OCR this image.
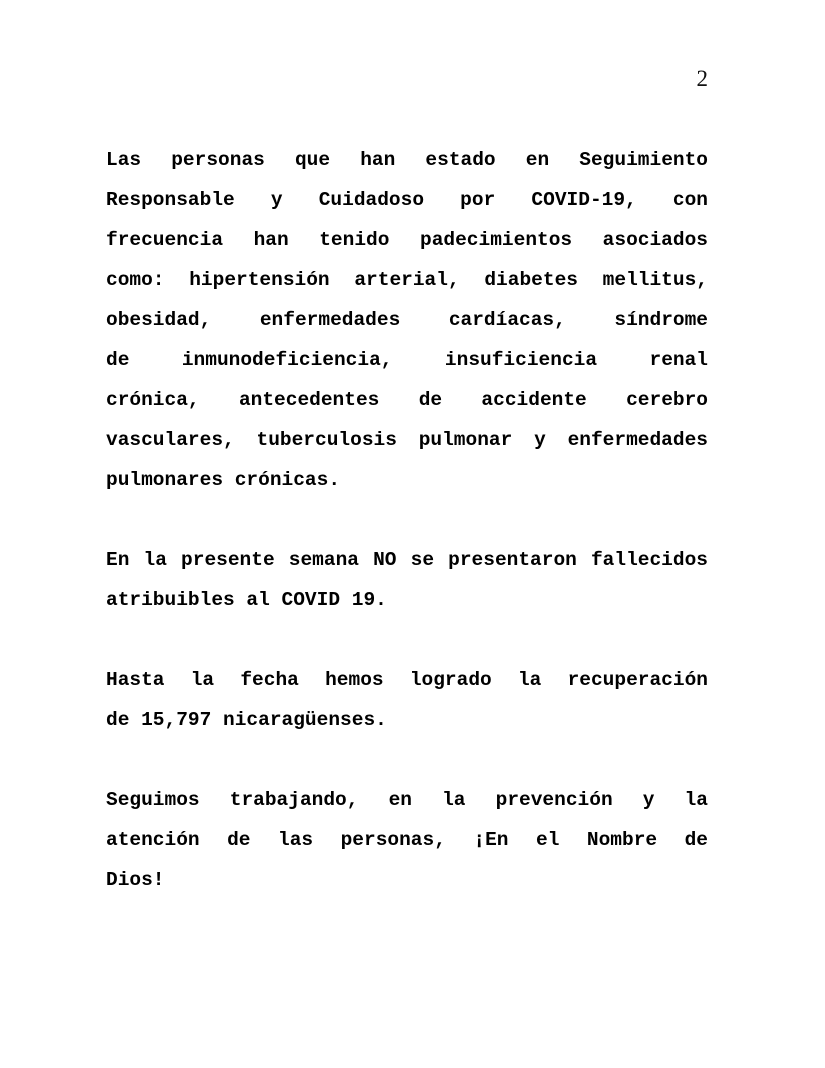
2
Las personas que han estado en Seguimiento
Responsable y Cuidadoso por COVID-19, con
frecuencia han tenido padecimientos asociados
como: hipertensión arterial, diabetes mellitus,
obesidad, enfermedades cardíacas, síndrome
de inmunodeficiencia, insuficiencia renal
crónica, antecedentes de accidente cerebro
vasculares, tuberculosis pulmonar y enfermedades
pulmonares crónicas.
En la presente semana NO se presentaron fallecidos
atribuibles al COVID 19.
Hasta la fecha hemos logrado la recuperación
de 15,797 nicaragüenses.
Seguimos trabajando, en la prevención y la
atención de las personas, ¡En el Nombre de
Dios!
